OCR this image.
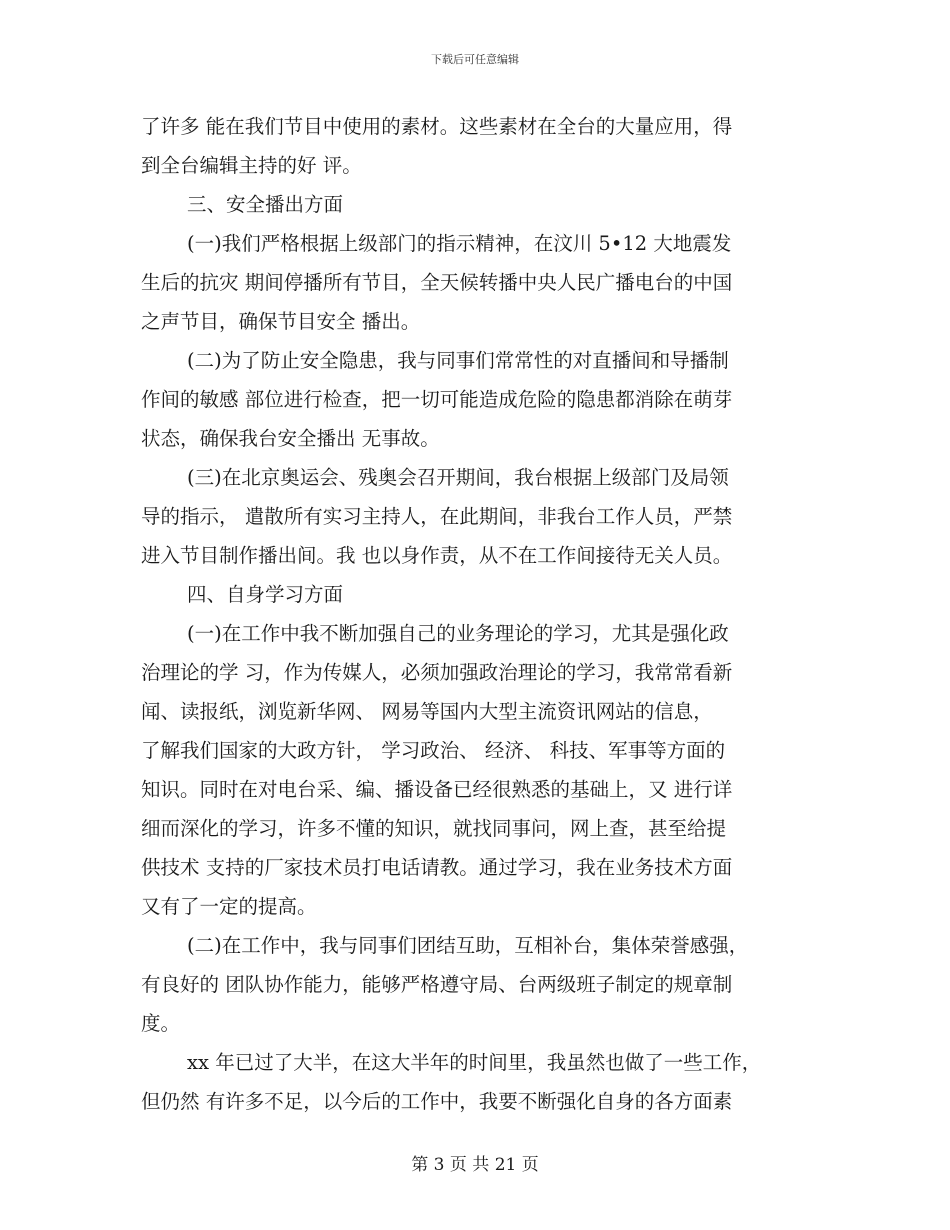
下载后可任意编辑
了许多 能在我们节目中使用的素材。这些素材在全台的大量应用，得
到全台编辑主持的好 评。
三、安全播出方面
(一)我们严格根据上级部门的指示精神，在汶川 5•12 大地震发
生后的抗灾 期间停播所有节目，全天候转播中央人民广播电台的中国
之声节目，确保节目安全 播出。
(二)为了防止安全隐患，我与同事们常常性的对直播间和导播制
作间的敏感 部位进行检查，把一切可能造成危险的隐患都消除在萌芽
状态，确保我台安全播出 无事故。
(三)在北京奥运会、残奥会召开期间，我台根据上级部门及局领
导的指示， 遣散所有实习主持人，在此期间，非我台工作人员，严禁
进入节目制作播出间。我 也以身作责，从不在工作间接待无关人员。
四、自身学习方面
(一)在工作中我不断加强自己的业务理论的学习，尤其是强化政
治理论的学 习，作为传媒人，必须加强政治理论的学习，我常常看新
闻、读报纸，浏览新华网、 网易等国内大型主流资讯网站的信息，
了解我们国家的大政方针， 学习政治、 经济、 科技、军事等方面的
知识。同时在对电台采、编、播设备已经很熟悉的基础上，又 进行详
细而深化的学习，许多不懂的知识，就找同事问，网上查，甚至给提
供技术 支持的厂家技术员打电话请教。通过学习，我在业务技术方面
又有了一定的提高。
(二)在工作中，我与同事们团结互助，互相补台，集体荣誉感强，
有良好的 团队协作能力，能够严格遵守局、台两级班子制定的规章制
度。
xx 年已过了大半，在这大半年的时间里，我虽然也做了一些工作，
但仍然 有许多不足，以今后的工作中，我要不断强化自身的各方面素
第 3 页 共 21 页
